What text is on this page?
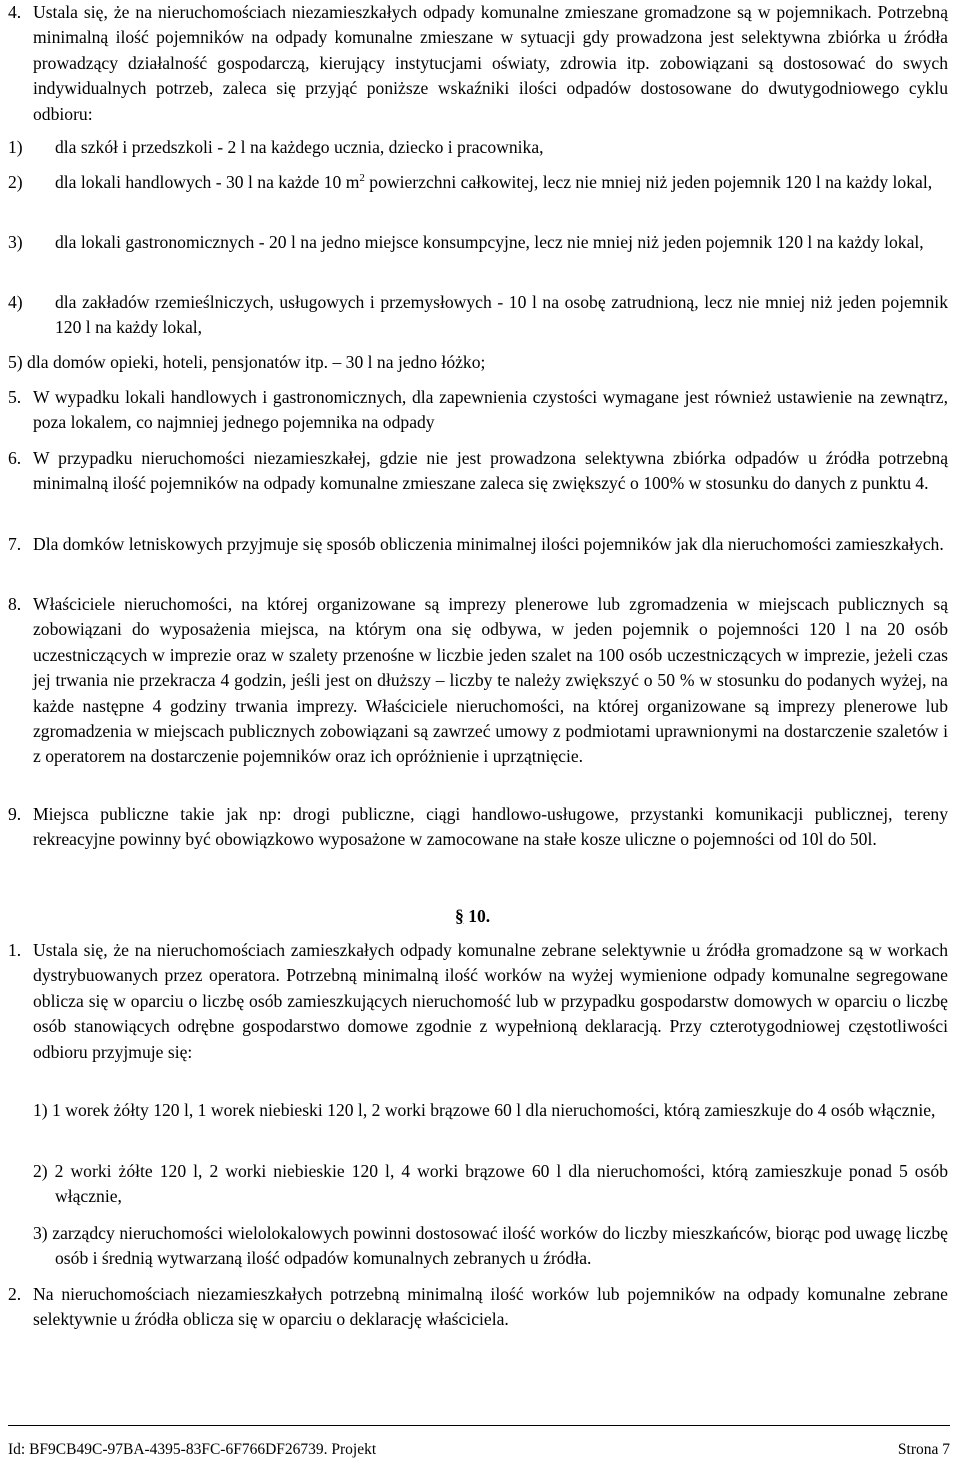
4. Ustala się, że na nieruchomościach niezamieszkałych odpady komunalne zmieszane gromadzone są w pojemnikach. Potrzebną minimalną ilość pojemników na odpady komunalne zmieszane w sytuacji gdy prowadzona jest selektywna zbiórka u źródła prowadzący działalność gospodarczą, kierujący instytucjami oświaty, zdrowia itp. zobowiązani są dostosować do swych indywidualnych potrzeb, zaleca się przyjąć poniższe wskaźniki ilości odpadów dostosowane do dwutygodniowego cyklu odbioru:
1) dla szkół i przedszkoli - 2 l na każdego ucznia, dziecko i pracownika,
2) dla lokali handlowych - 30 l na każde 10 $m^2$ powierzchni całkowitej, lecz nie mniej niż jeden pojemnik 120 l na każdy lokal,
3) dla lokali gastronomicznych - 20 l na jedno miejsce konsumpcyjne, lecz nie mniej niż jeden pojemnik 120 l na każdy lokal,
4) dla zakładów rzemieślniczych, usługowych i przemysłowych - 10 l na osobę zatrudnioną, lecz nie mniej niż jeden pojemnik 120 l na każdy lokal,
5) dla domów opieki, hoteli, pensjonatów itp. – 30 l na jedno łóżko;
5. W wypadku lokali handlowych i gastronomicznych, dla zapewnienia czystości wymagane jest również ustawienie na zewnątrz, poza lokalem, co najmniej jednego pojemnika na odpady
6. W przypadku nieruchomości niezamieszkałej, gdzie nie jest prowadzona selektywna zbiórka odpadów u źródła potrzebną minimalną ilość pojemników na odpady komunalne zmieszane zaleca się zwiększyć o 100% w stosunku do danych z punktu 4.
7. Dla domków letniskowych przyjmuje się sposób obliczenia minimalnej ilości pojemników jak dla nieruchomości zamieszkałych.
8. Właściciele nieruchomości, na której organizowane są imprezy plenerowe lub zgromadzenia w miejscach publicznych są zobowiązani do wyposażenia miejsca, na którym ona się odbywa, w jeden pojemnik o pojemności 120 l na 20 osób uczestniczących w imprezie oraz w szalety przenośne w liczbie jeden szalet na 100 osób uczestniczących w imprezie, jeżeli czas jej trwania nie przekracza 4 godzin, jeśli jest on dłuższy – liczby te należy zwiększyć o 50 % w stosunku do podanych wyżej, na każde następne 4 godziny trwania imprezy. Właściciele nieruchomości, na której organizowane są imprezy plenerowe lub zgromadzenia w miejscach publicznych zobowiązani są zawrzeć umowy z podmiotami uprawnionymi na dostarczenie szaletów i z operatorem na dostarczenie pojemników oraz ich opróżnienie i uprzątnięcie.
9. Miejsca publiczne takie jak np: drogi publiczne, ciągi handlowo-usługowe, przystanki komunikacji publicznej, tereny rekreacyjne powinny być obowiązkowo wyposażone w zamocowane na stałe kosze uliczne o pojemności od 10l do 50l.
§ 10.
1. Ustala się, że na nieruchomościach zamieszkałych odpady komunalne zebrane selektywnie u źródła gromadzone są w workach dystrybuowanych przez operatora. Potrzebną minimalną ilość worków na wyżej wymienione odpady komunalne segregowane oblicza się w oparciu o liczbę osób zamieszkujących nieruchomość lub w przypadku gospodarstw domowych w oparciu o liczbę osób stanowiących odrębne gospodarstwo domowe zgodnie z wypełnioną deklaracją. Przy czterotygodniowej częstotliwości odbioru przyjmuje się:
1) 1 worek żółty 120 l, 1 worek niebieski 120 l, 2 worki brązowe 60 l dla nieruchomości, którą zamieszkuje do 4 osób włącznie,
2) 2 worki żółte 120 l, 2 worki niebieskie 120 l, 4 worki brązowe 60 l dla nieruchomości, którą zamieszkuje ponad 5 osób włącznie,
3) zarządcy nieruchomości wielolokalowych powinni dostosować ilość worków do liczby mieszkańców, biorąc pod uwagę liczbę osób i średnią wytwarzaną ilość odpadów komunalnych zebranych u źródła.
2. Na nieruchomościach niezamieszkałych potrzebną minimalną ilość worków lub pojemników na odpady komunalne zebrane selektywnie u źródła oblicza się w oparciu o deklarację właściciela.
Id: BF9CB49C-97BA-4395-83FC-6F766DF26739. Projekt	Strona 7
